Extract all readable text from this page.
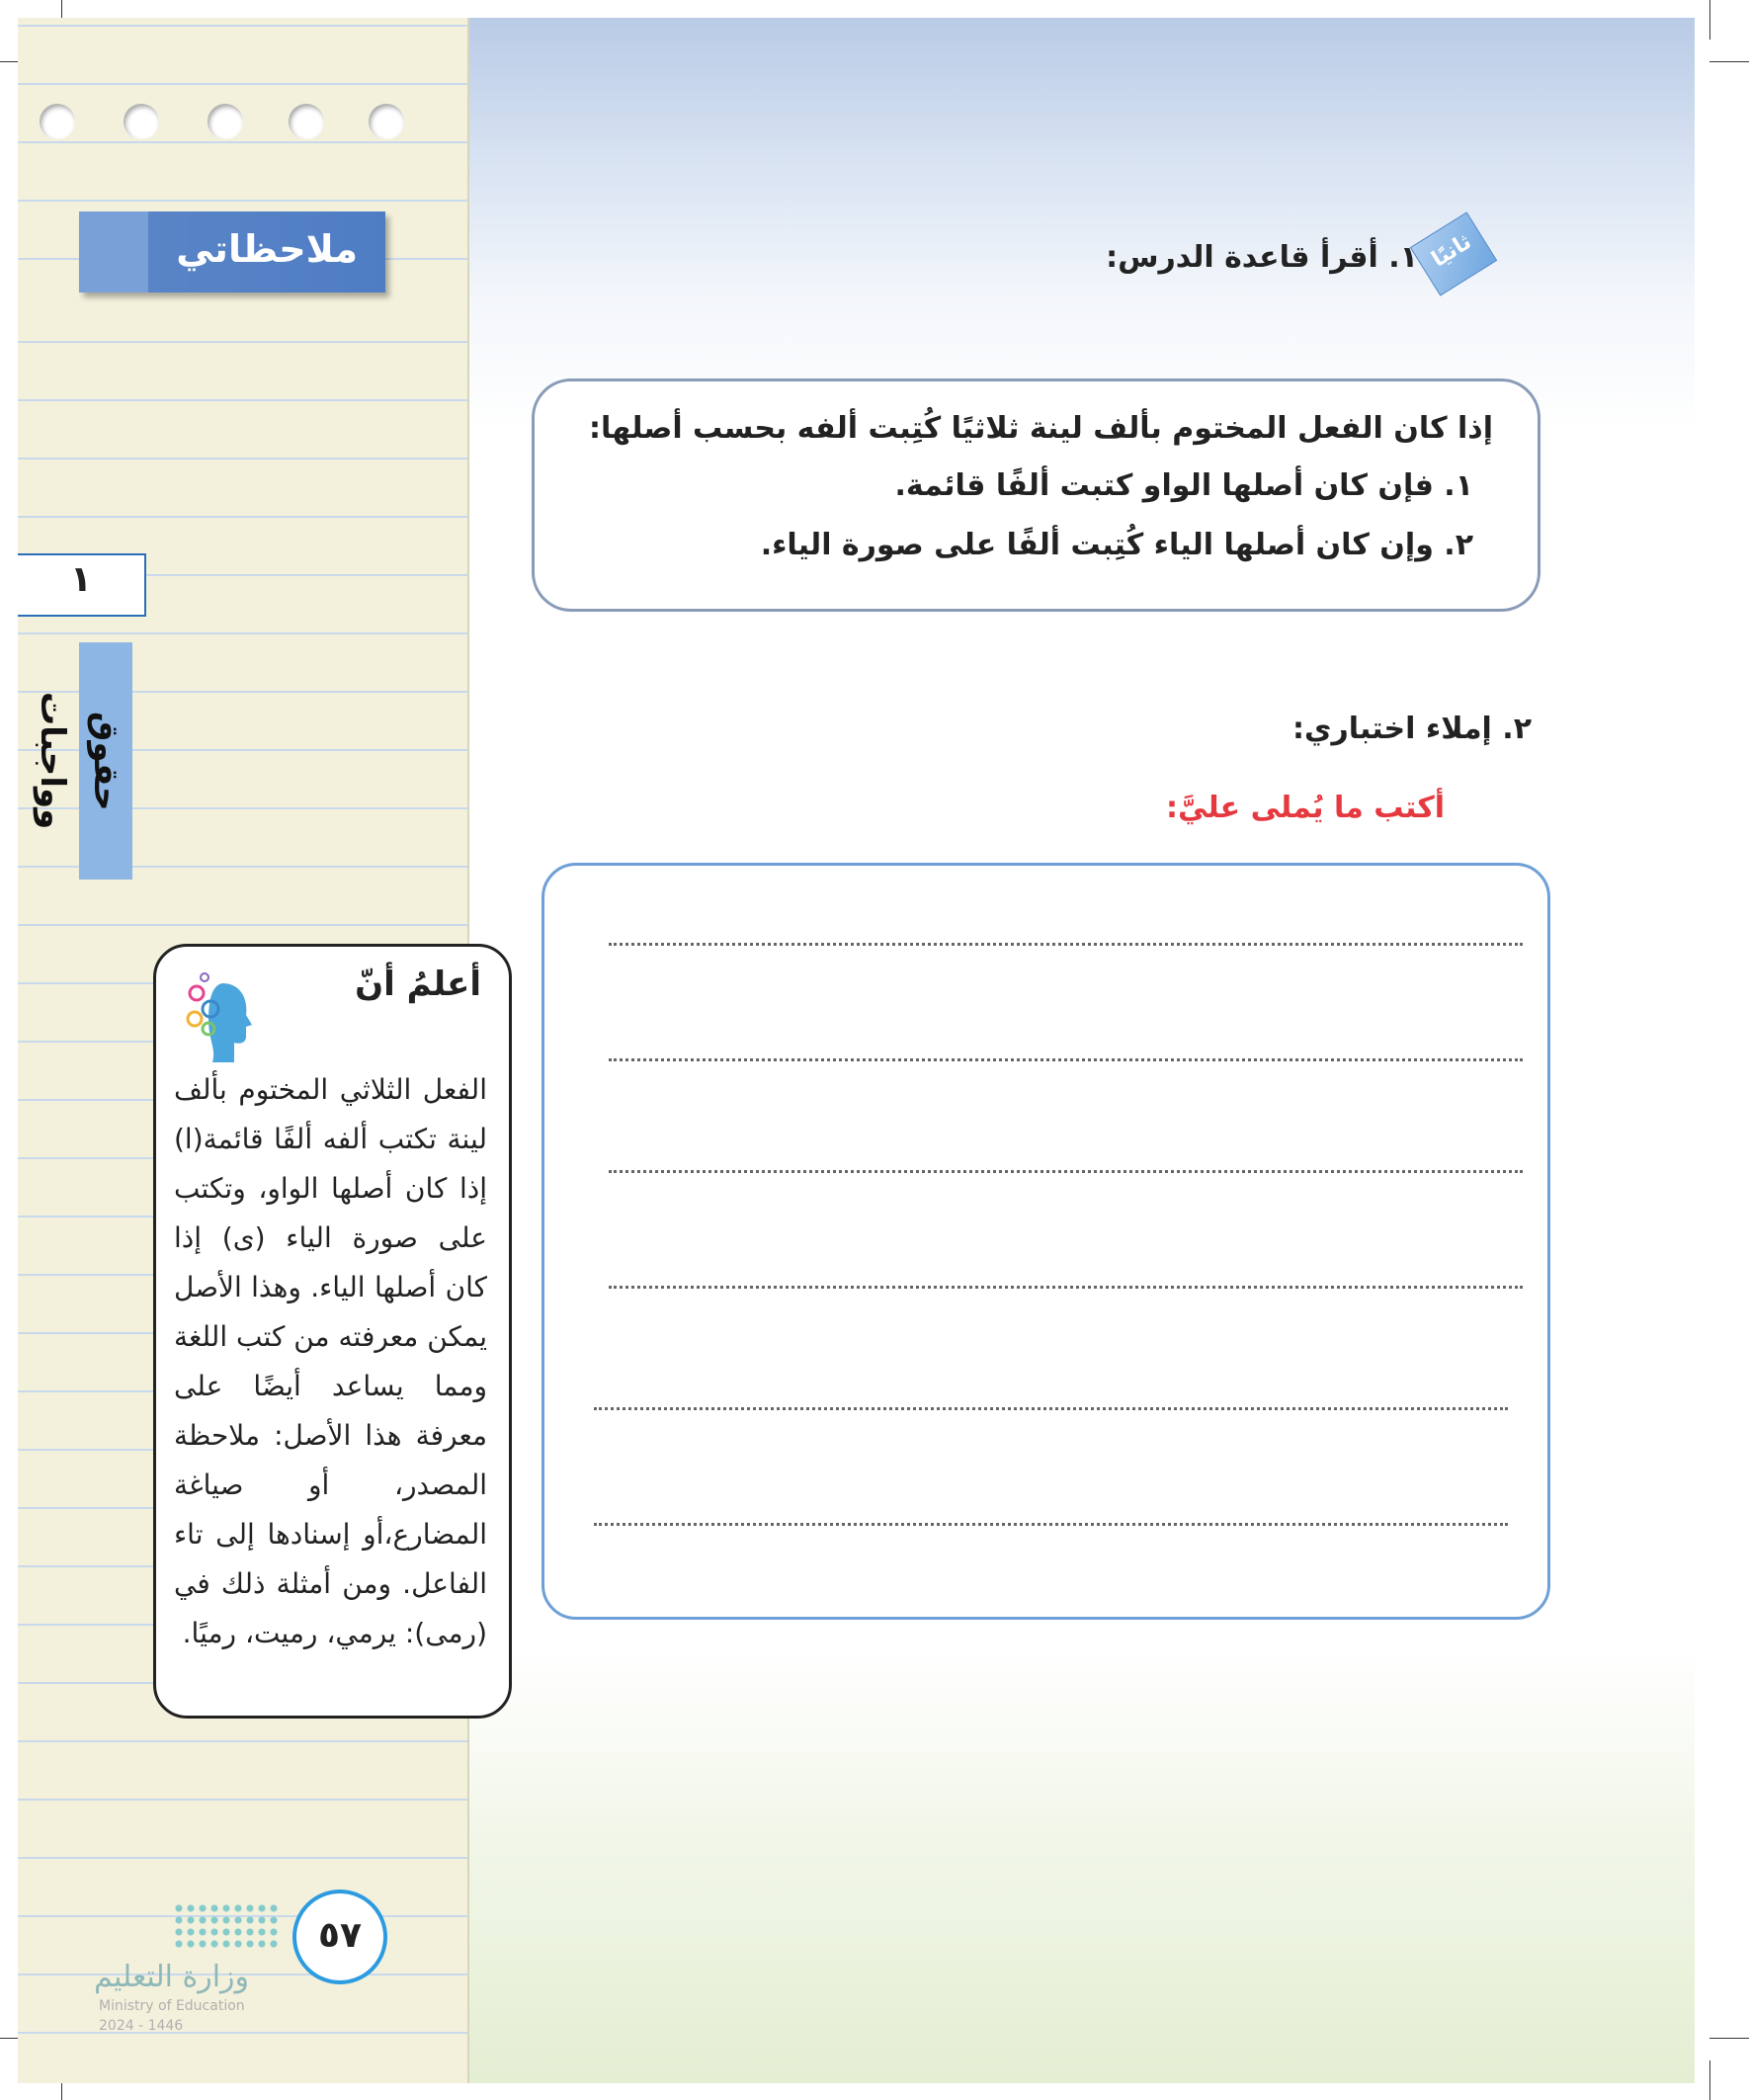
ملاحظاتي
١
حقوق وواجبات
أعلمُ أنّ
الفعل الثلاثي المختوم بألف لينة تكتب ألفه ألفًا قائمة(ا) إذا كان أصلها الواو، وتكتب على صورة الياء (ى) إذا كان أصلها الياء. وهذا الأصل يمكن معرفته من كتب اللغة ومما يساعد أيضًا على معرفة هذا الأصل: ملاحظة المصدر، أو صياغة المضارع،أو إسنادها إلى تاء الفاعل. ومن أمثلة ذلك في (رمى): يرمي، رميت، رميًا.
ثانيًا
١. أقرأ قاعدة الدرس:
إذا كان الفعل المختوم بألف لينة ثلاثيًا كُتِبت ألفه بحسب أصلها:
١. فإن كان أصلها الواو كتبت ألفًا قائمة.
٢. وإن كان أصلها الياء كُتِبت ألفًا على صورة الياء.
٢. إملاء اختباري:
أكتب ما يُملى عليَّ:
٥٧
وزارة التعليم
Ministry of Education
2024 - 1446
